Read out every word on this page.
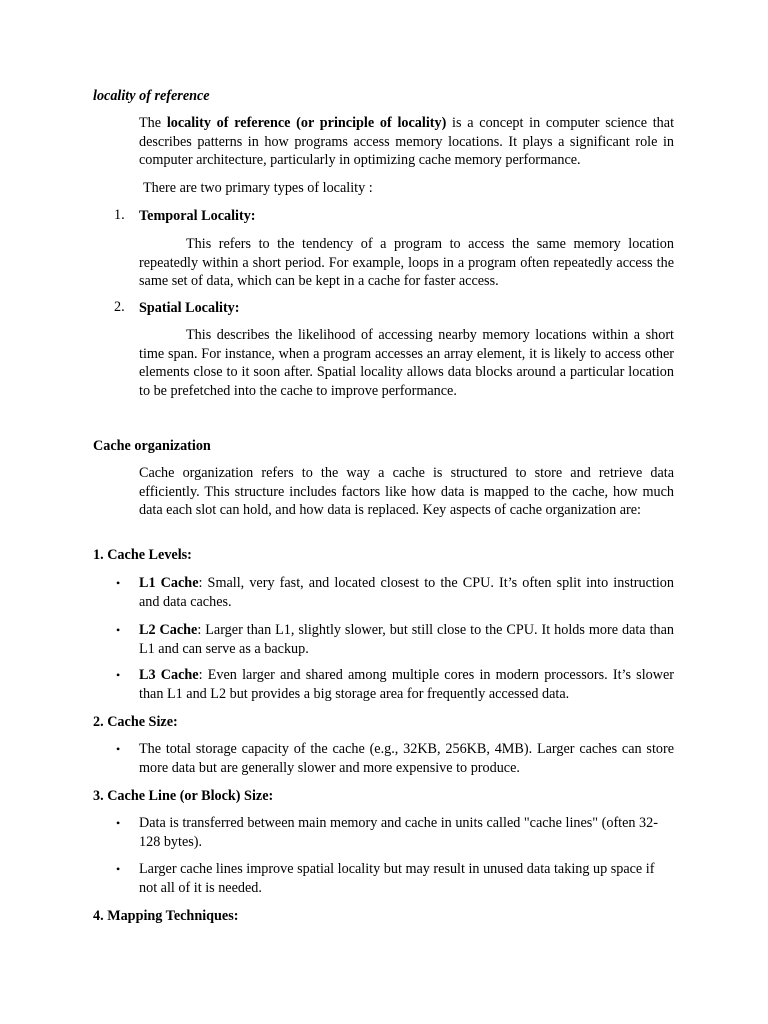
locality of reference
The locality of reference (or principle of locality) is a concept in computer science that describes patterns in how programs access memory locations. It plays a significant role in computer architecture, particularly in optimizing cache memory performance.
There are two primary types of locality :
1.	Temporal Locality:
This refers to the tendency of a program to access the same memory location repeatedly within a short period. For example, loops in a program often repeatedly access the same set of data, which can be kept in a cache for faster access.
2.	Spatial Locality:
This describes the likelihood of accessing nearby memory locations within a short time span. For instance, when a program accesses an array element, it is likely to access other elements close to it soon after. Spatial locality allows data blocks around a particular location to be prefetched into the cache to improve performance.
Cache organization
Cache organization refers to the way a cache is structured to store and retrieve data efficiently. This structure includes factors like how data is mapped to the cache, how much data each slot can hold, and how data is replaced. Key aspects of cache organization are:
1. Cache Levels:
• L1 Cache: Small, very fast, and located closest to the CPU. It’s often split into instruction and data caches.
• L2 Cache: Larger than L1, slightly slower, but still close to the CPU. It holds more data than L1 and can serve as a backup.
• L3 Cache: Even larger and shared among multiple cores in modern processors. It’s slower than L1 and L2 but provides a big storage area for frequently accessed data.
2. Cache Size:
• The total storage capacity of the cache (e.g., 32KB, 256KB, 4MB). Larger caches can store more data but are generally slower and more expensive to produce.
3. Cache Line (or Block) Size:
• Data is transferred between main memory and cache in units called "cache lines" (often 32-128 bytes).
• Larger cache lines improve spatial locality but may result in unused data taking up space if not all of it is needed.
4. Mapping Techniques:
